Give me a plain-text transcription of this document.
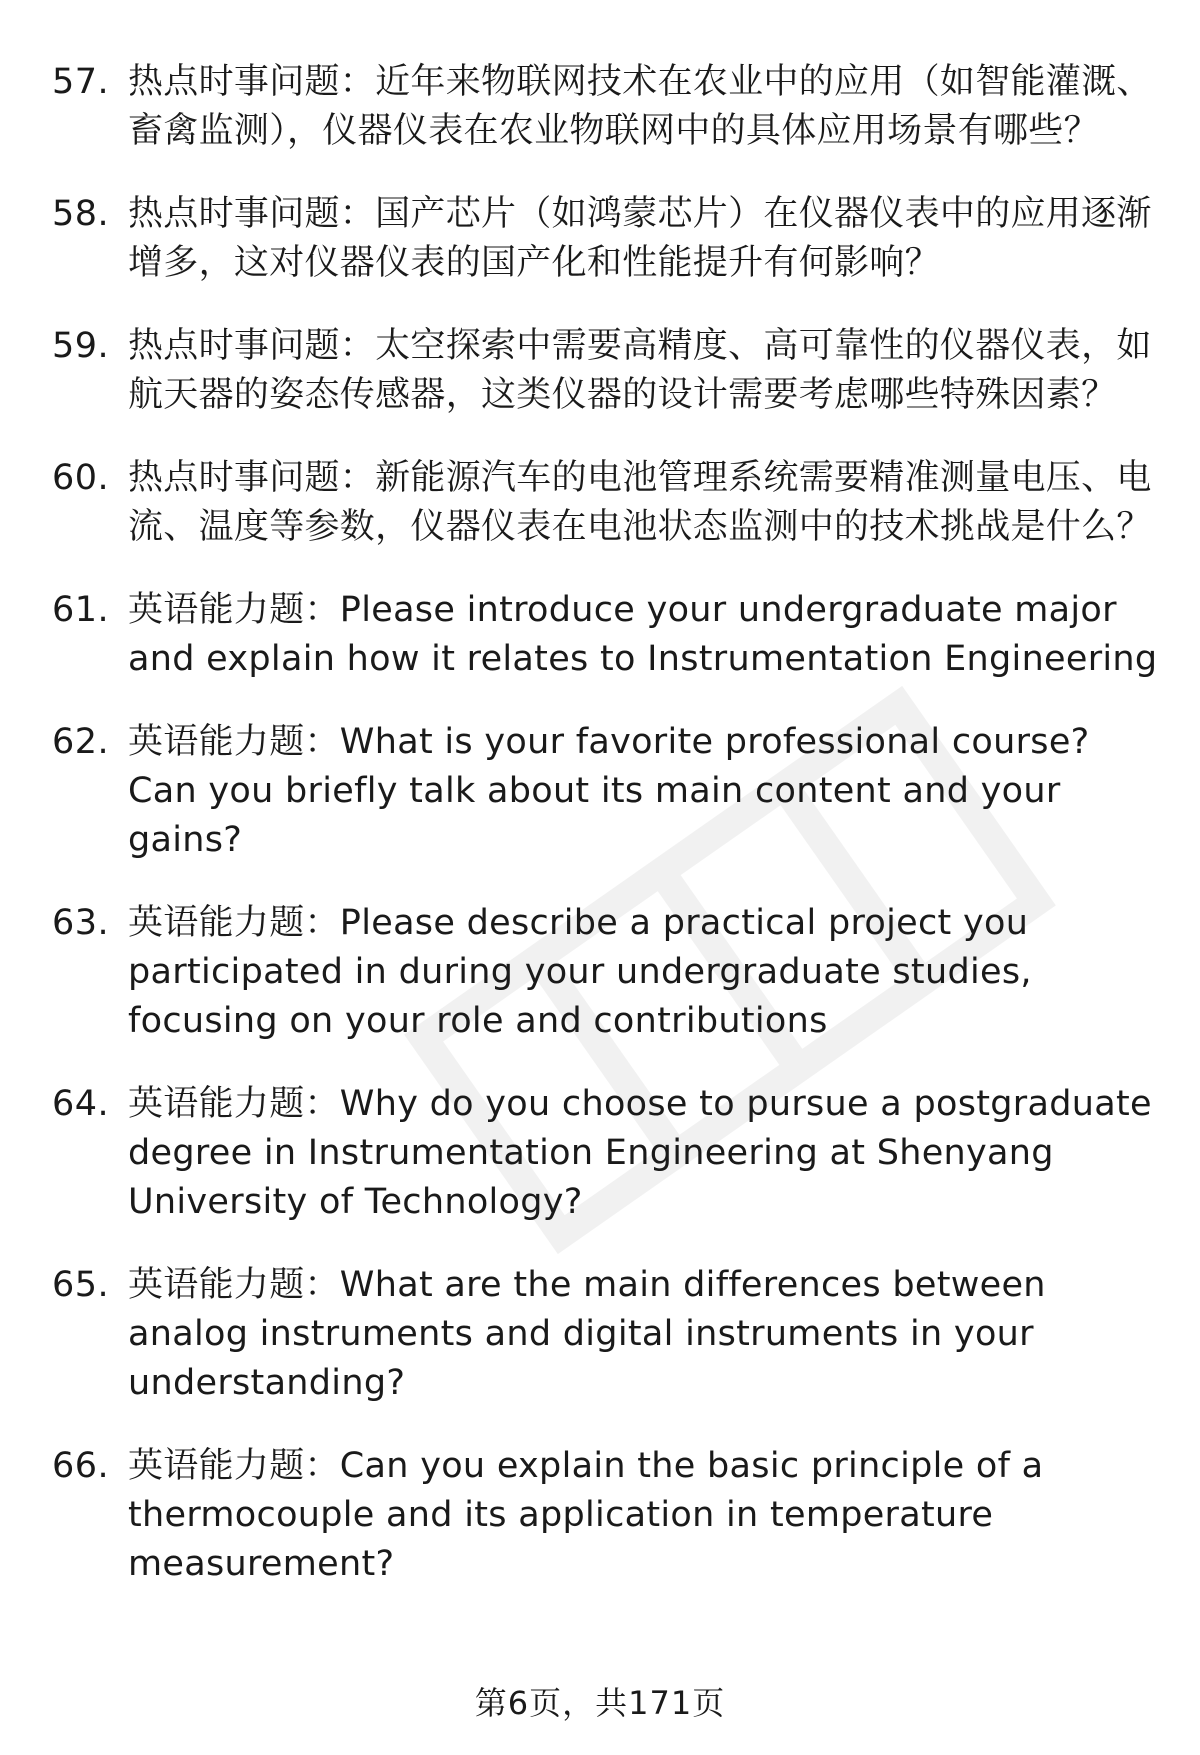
57. 热点时事问题：近年来物联网技术在农业中的应用（如智能灌溉、畜禽监测），仪器仪表在农业物联网中的具体应用场景有哪些？
58. 热点时事问题：国产芯片（如鸿蒙芯片）在仪器仪表中的应用逐渐增多，这对仪器仪表的国产化和性能提升有何影响？
59. 热点时事问题：太空探索中需要高精度、高可靠性的仪器仪表，如航天器的姿态传感器，这类仪器的设计需要考虑哪些特殊因素？
60. 热点时事问题：新能源汽车的电池管理系统需要精准测量电压、电流、温度等参数，仪器仪表在电池状态监测中的技术挑战是什么？
61. 英语能力题：Please introduce your undergraduate major and explain how it relates to Instrumentation Engineering
62. 英语能力题：What is your favorite professional course? Can you briefly talk about its main content and your gains?
63. 英语能力题：Please describe a practical project you participated in during your undergraduate studies, focusing on your role and contributions
64. 英语能力题：Why do you choose to pursue a postgraduate degree in Instrumentation Engineering at Shenyang University of Technology?
65. 英语能力题：What are the main differences between analog instruments and digital instruments in your understanding?
66. 英语能力题：Can you explain the basic principle of a thermocouple and its application in temperature measurement?
第6页，共171页
